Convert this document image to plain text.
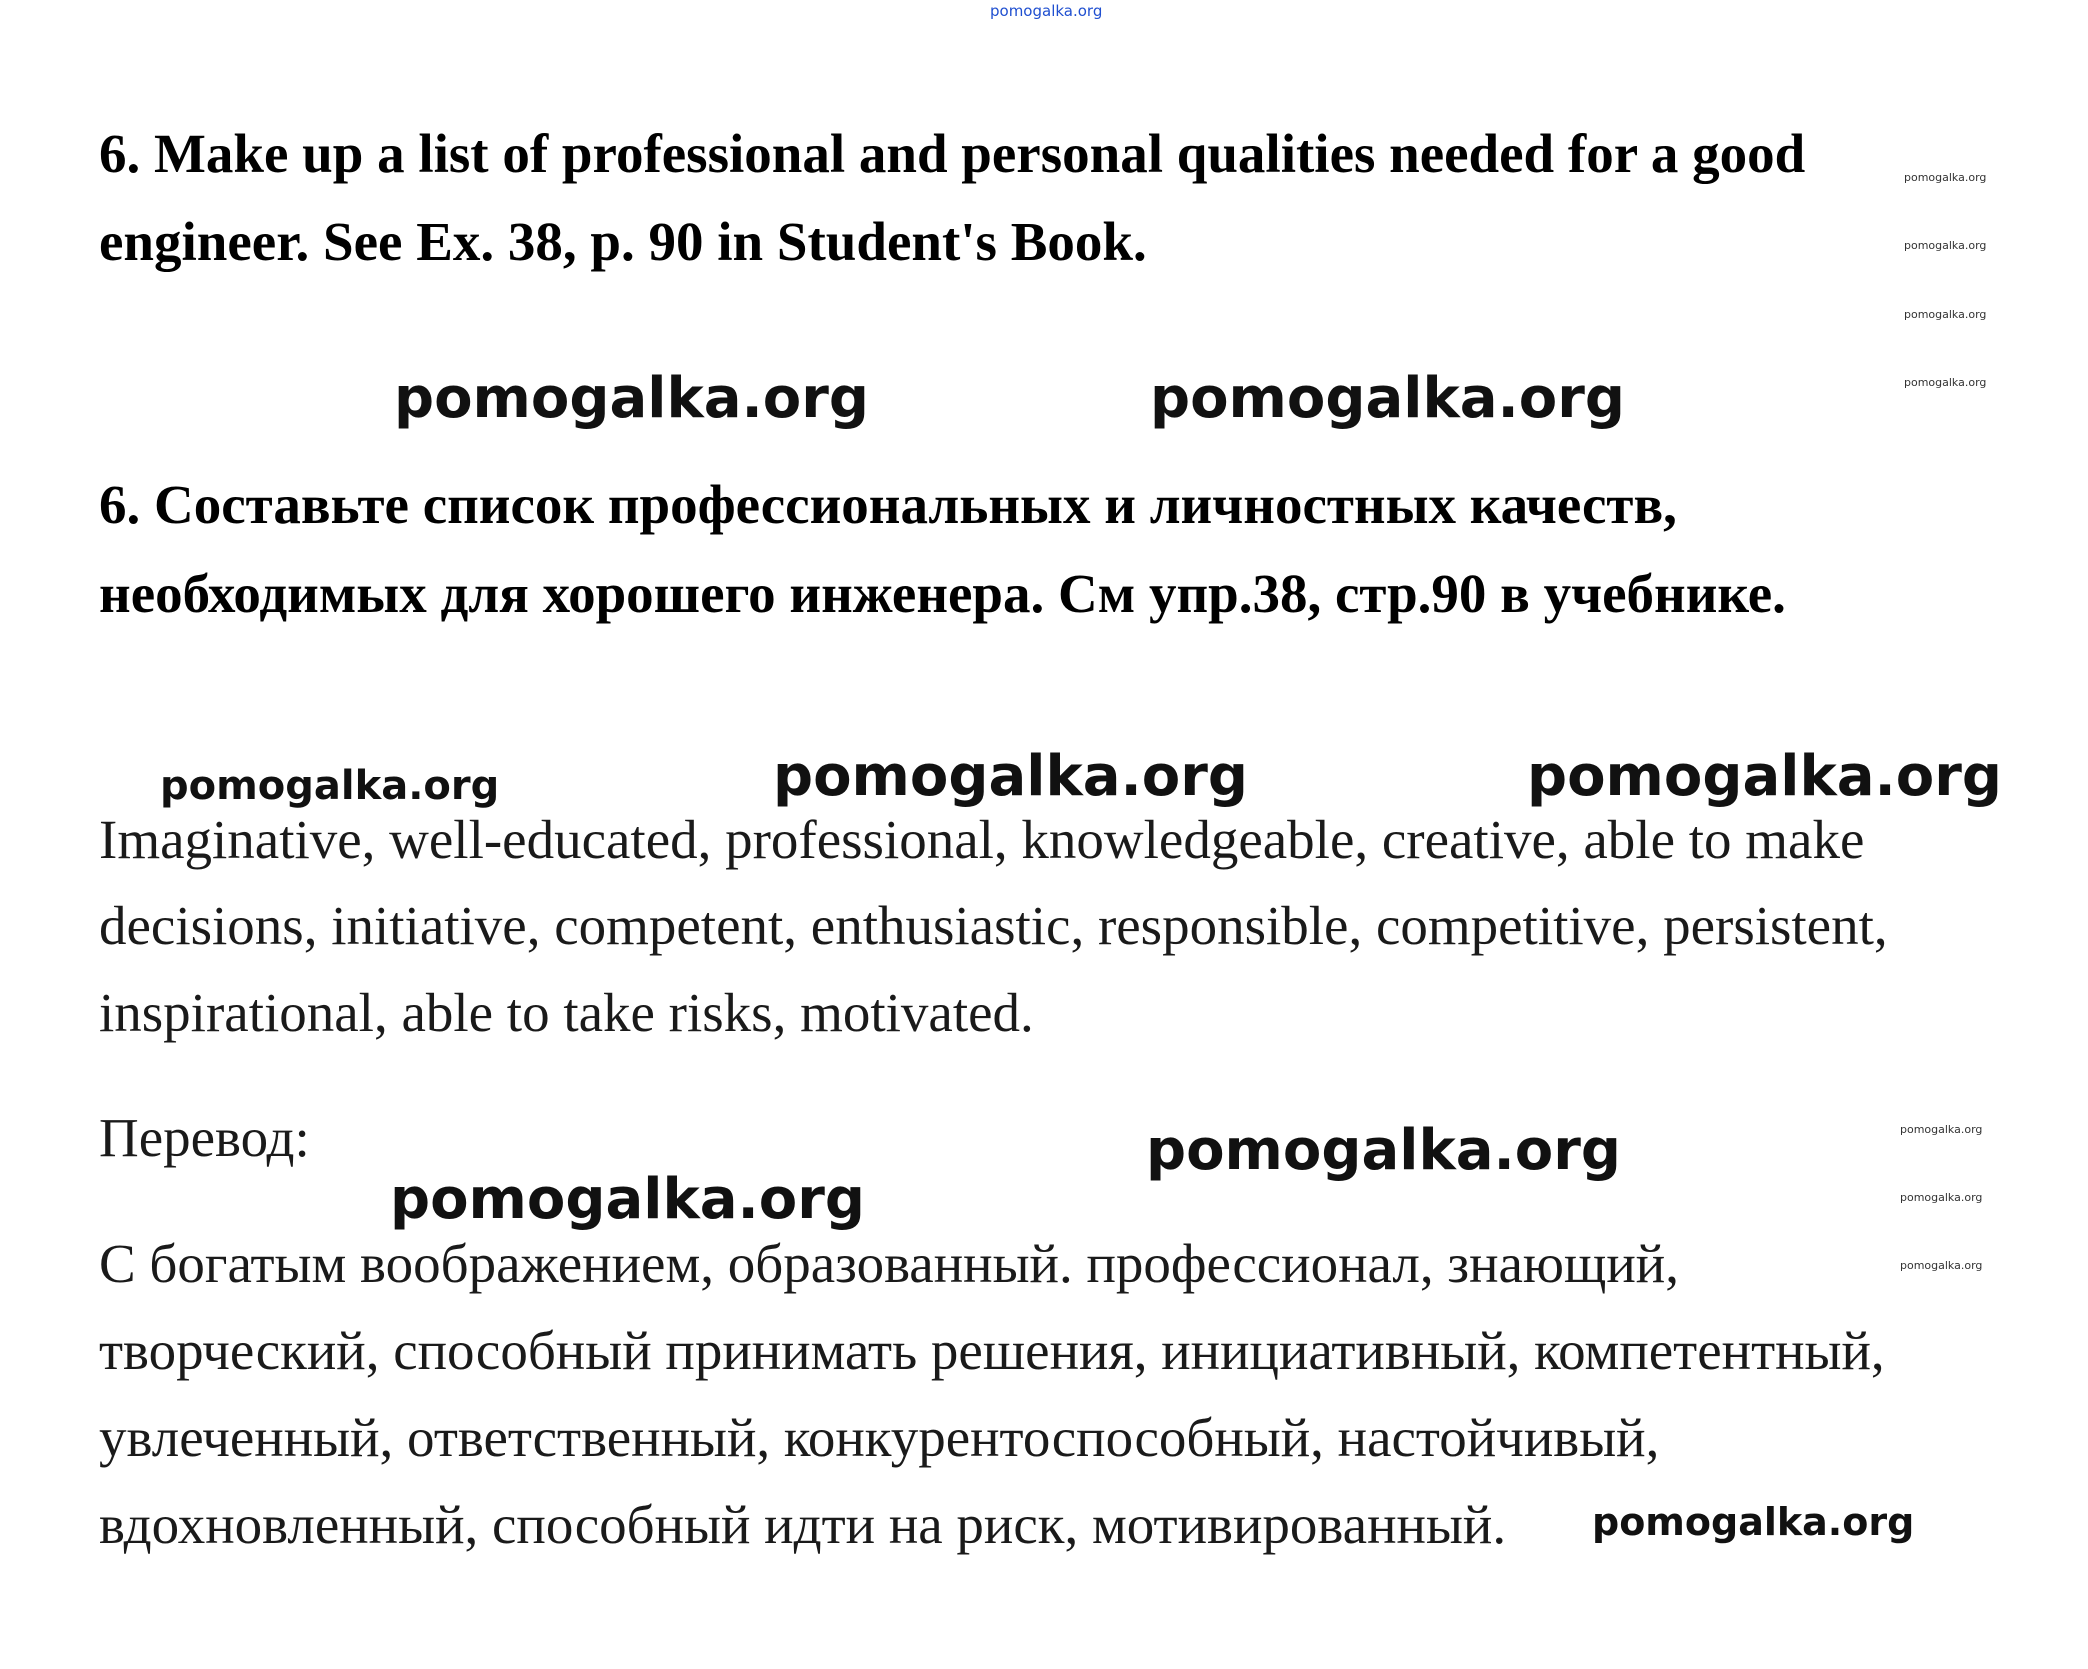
pomogalka.org
6. Make up a list of professional and personal qualities needed for a good
engineer. See Ex. 38, p. 90 in Student's Book.
pomogalka.org
pomogalka.org
pomogalka.org
pomogalka.org
pomogalka.org	pomogalka.org
6. Составьте список профессиональных и личностных качеств,
необходимых для хорошего инженера. См упр.38, стр.90 в учебнике.
pomogalka.org	pomogalka.org	pomogalka.org
Imaginative, well-educated, professional, knowledgeable, creative, able to make
decisions, initiative, competent, enthusiastic, responsible, competitive, persistent,
inspirational, able to take risks, motivated.
Перевод:	pomogalka.org
pomogalka.org
pomogalka.org
pomogalka.org
pomogalka.org
С богатым воображением, образованный. профессионал, знающий,
творческий, способный принимать решения, инициативный, компетентный,
увлеченный, ответственный, конкурентоспособный, настойчивый,
вдохновленный, способный идти на риск, мотивированный. pomogalka.org
